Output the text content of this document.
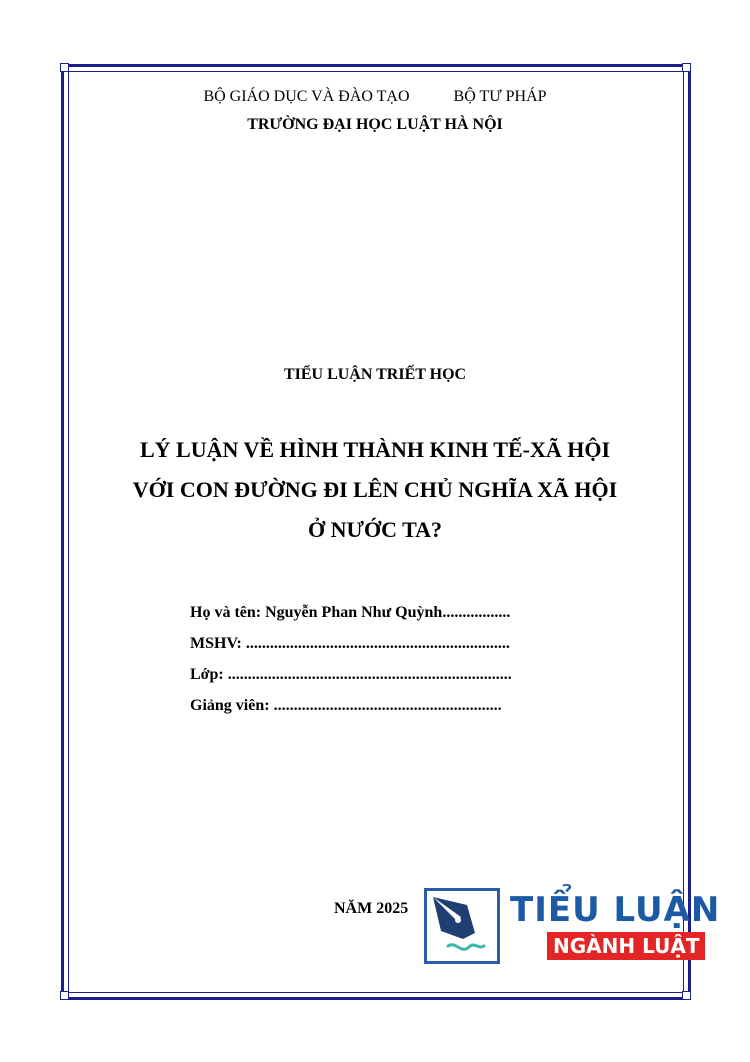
BỘ GIÁO DỤC VÀ ĐÀO TẠO	BỘ TƯ PHÁP
TRƯỜNG ĐẠI HỌC LUẬT HÀ NỘI
TIỂU LUẬN TRIẾT HỌC
LÝ LUẬN VỀ HÌNH THÀNH KINH TẾ-XÃ HỘI
VỚI CON ĐƯỜNG ĐI LÊN CHỦ NGHĨA XÃ HỘI
Ở NƯỚC TA?
Họ và tên: Nguyễn Phan Như Quỳnh.................
MSHV: ..................................................................
Lớp: .......................................................................
Giảng viên: .........................................................
NĂM 2025	TIỂU LUẬN
NGÀNH LUẬT
